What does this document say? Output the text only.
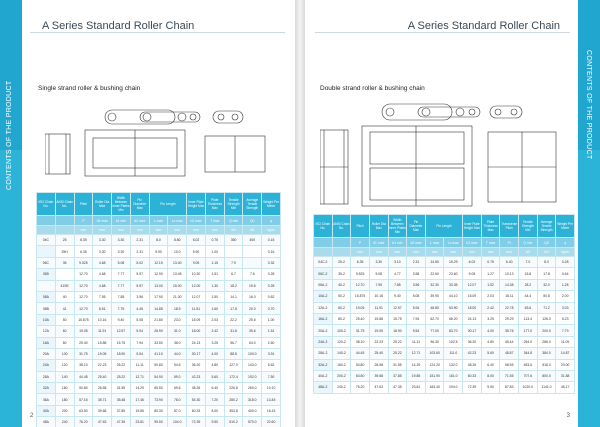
CONTENTS OF THE PRODUCT
A Series Standard Roller Chain
Single strand roller & bushing chain
ISO Chain No.	ANSI Chain No.	Pitch	Roller Dia Max	Width Between Inner Plates Min	Pin Diameter Max	Pin Length		Inner Plate Height Max	Plate Thickness Max	Tensile Strength Min	Average Tensile Strength	Weight Per Meter
		P	d1 max	b1 min	d2 max	L max	Lc max	h2 max	T max	Q min	Q0	q
		mm	mm	mm	mm	mm	mm	mm	mm	kN	kN	kg/m
04C	25	6.35	3.30	3.30	2.31	8.0	8.80	6.02	0.75	350	400	0.15
	25H	6.35	3.30	3.30	2.31	9.90	10.0	5.90	1.00			0.16
06C	35	9.525	4.68	5.08	5.02	12.15	13.40	9.05	1.15	7.9		0.32
085		12.70	4.68	7.77	5.97	12.90	13.45	10.30	1.51	6.7	7.6	0.28
	41SE	12.70	4.68	7.77	5.97	13.00	15.00	12.00	1.30	18.2	19.6	0.28
08A	40	12.70	7.95	7.85	3.96	17.90	21.00	12.07	1.50	14.1	16.0	0.62
08B	41	12.70	8.51	7.75	4.45	14.85	18.9	11.81	1.60	17.8	20.0	0.70
10A	50	15.875	10.16	9.40	5.08	21.80	23.0	15.09	2.03	22.2	25.6	1.00
12A	60	19.05	11.91	12.57	5.94	26.90	31.0	18.00	2.42	31.8	35.6	1.51
16A	80	25.40	15.88	15.75	7.94	33.50	36.0	24.13	3.25	56.7	64.0	2.60
20A	100	31.75	19.05	18.90	9.54	41.10	44.0	30.17	4.00	88.5	100.0	3.91
24A	120	38.10	22.23	25.22	11.11	50.80	54.6	36.20	4.80	127.0	143.0	5.62
28A	140	44.45	25.40	25.22	12.71	54.90	59.0	42.23	5.60	172.4	192.0	7.50
32A	160	50.80	28.58	31.55	14.29	65.50	69.6	48.26	6.40	226.8	260.0	10.10
36A	180	57.15	35.71	35.48	17.46	73.90	78.0	54.30	7.20	280.2	318.0	13.45
40A	200	63.50	39.68	37.85	19.85	80.30	87.0	60.33	8.00	353.8	400.0	16.15
48A	240	76.20	47.63	47.35	23.81	95.50	104.0	72.39	9.50	510.2	570.0	22.60
2
CONTENTS OF THE PRODUCT
A Series Standard Roller Chain
Double strand roller & bushing chain
ISO Chain No.	ANSI Chain No.	Pitch	Roller Dia Max	Width Between Inner Plates Min	Pin Diameter Max	Pin Length		Inner Plate Height Max	Plate Thickness Max	Transverse Pitch	Tensile Strength Min	Average Tensile Strength	Weight Per Meter
		P	d1 max	b1 min	d2 max	L max	Lc max	h2 max	T max	Pt	Q min	Q0	q
		mm	mm	mm	mm	mm	mm	mm	mm	mm	kN	kN	kg/m
04C-2	25-2	6.35	3.30	3.10	2.31	14.50	15.29	6.02	0.75	6.40	7.0	8.0	0.28
06C-2	35-2	9.525	5.08	4.77	3.58	22.60	23.60	9.05	1.27	10.13	15.8	17.8	0.64
08A-2	40-2	12.70	7.95	7.85	3.96	32.30	33.35	12.07	1.52	14.38	28.2	32.0	1.28
10A-2	50-2	15.875	10.16	9.40	5.08	39.90	44.10	15.09	2.03	18.11	44.4	50.8	2.00
12A-2	60-2	19.05	11.91	12.57	5.94	48.80	53.90	18.00	2.42	22.78	63.6	71.2	3.03
16A-2	80-2	25.40	15.88	15.75	7.94	62.70	68.20	24.13	3.25	29.29	113.4	126.0	5.23
20A-2	100-2	31.75	19.05	18.90	9.54	77.00	83.70	30.17	4.00	35.76	177.0	200.0	7.79
24A-2	120-2	38.10	22.23	25.22	11.11	96.30	102.5	36.20	4.80	45.44	254.0	286.0	11.09
28A-2	140-2	44.45	25.40	25.22	12.71	103.60	111.0	42.23	5.60	48.87	344.8	384.0	14.87
32A-2	160-2	50.80	28.58	31.55	14.29	124.20	132.0	48.26	6.40	58.55	453.6	518.0	20.00
40A-2	200-2	63.50	39.68	37.85	19.85	151.90	161.0	60.33	8.00	71.55	707.6	800.0	31.88
48A-2	240-2	76.20	47.63	47.35	23.81	183.40	194.0	72.39	9.50	87.83	1020.0	1141.0	45.17
3
